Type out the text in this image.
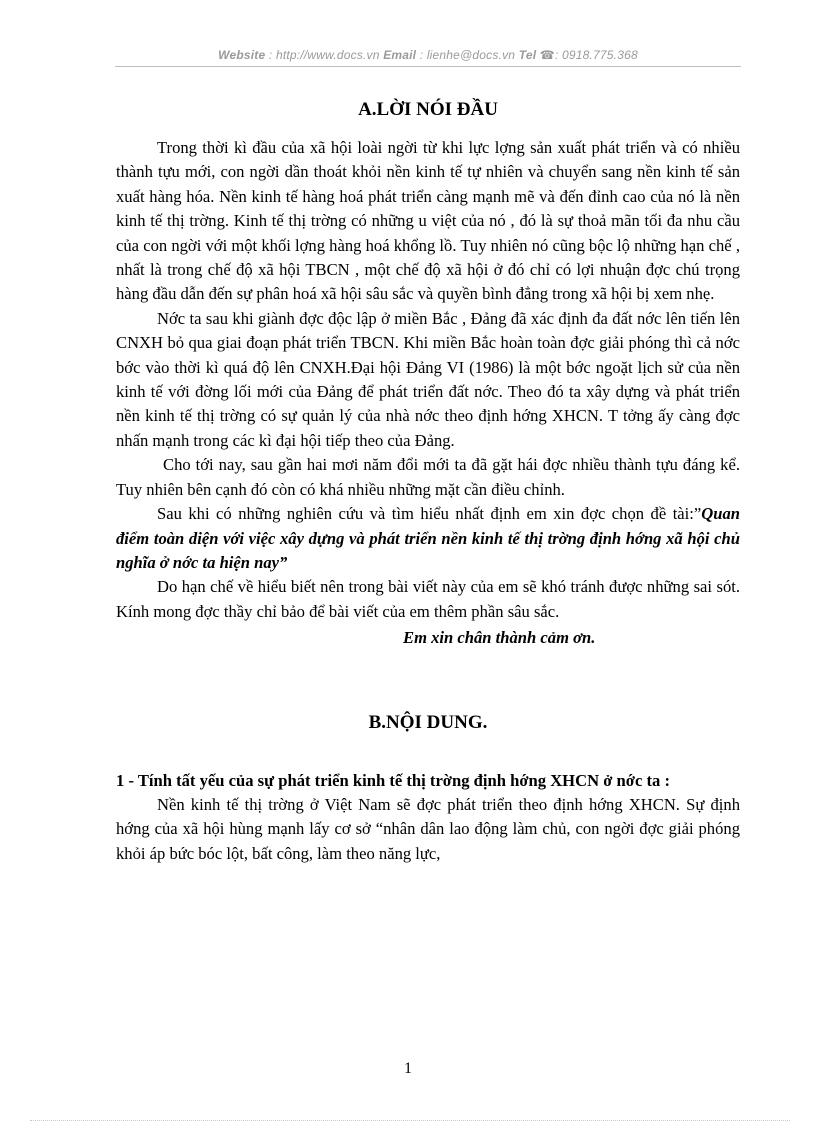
Website : http://www.docs.vn Email : lienhe@docs.vn Tel ☎: 0918.775.368

A.LỜI NÓI ĐẦU

Trong thời kì đầu của xã hội loài ngời từ khi lực lợng sản xuất phát triển và có nhiều thành tựu mới, con ngời dần thoát khỏi nền kinh tế tự nhiên và chuyển sang nền kinh tế sản xuất hàng hóa. Nền kinh tế hàng hoá phát triển càng mạnh mẽ và đến đỉnh cao của nó là nền kinh tế thị trờng. Kinh tế thị trờng có những u việt của nó , đó là sự thoả mãn tối đa nhu cầu của con ngời với một khối lợng hàng hoá khổng lồ. Tuy nhiên nó cũng bộc lộ những hạn chế , nhất là trong chế độ xã hội TBCN , một chế độ xã hội ở đó chỉ có lợi nhuận đợc chú trọng hàng đầu dẫn đến sự phân hoá xã hội sâu sắc và quyền bình đẳng trong xã hội bị xem nhẹ.

Nớc ta sau khi giành đợc độc lập ở miền Bắc , Đảng đã xác định đa đất nớc lên tiến lên CNXH bỏ qua giai đoạn phát triển TBCN. Khi miền Bắc hoàn toàn đợc giải phóng thì cả nớc bớc vào thời kì quá độ lên CNXH.Đại hội Đảng VI (1986) là một bớc ngoặt lịch sử của nền kinh tế với đờng lối mới của Đảng để phát triển đất nớc. Theo đó ta xây dựng và phát triển nền kinh tế thị trờng có sự quản lý của nhà nớc theo định hớng XHCN. T tởng ấy càng đợc nhấn mạnh trong các kì đại hội tiếp theo của Đảng.

Cho tới nay, sau gần hai mơi năm đổi mới ta đã gặt hái đợc nhiều thành tựu đáng kể. Tuy nhiên bên cạnh đó còn có khá nhiều những mặt cần điều chỉnh.

Sau khi có những nghiên cứu và tìm hiểu nhất định em xin đợc chọn đề tài:”Quan điểm toàn diện với việc xây dựng và phát triển nền kinh tế thị trờng định hớng xã hội chủ nghĩa ở nớc ta hiện nay”

Do hạn chế về hiểu biết nên trong bài viết này của em sẽ khó tránh được những sai sót. Kính mong đợc thầy chỉ bảo để bài viết của em thêm phần sâu sắc.

Em xin chân thành cảm ơn.

B.NỘI DUNG.

1 - Tính tất yếu của sự phát triển kinh tế thị trờng định hớng XHCN ở nớc ta :

Nền kinh tế thị trờng ở Việt Nam sẽ đợc phát triển theo định hớng XHCN. Sự định hớng của xã hội hùng mạnh lấy cơ sở “nhân dân lao động làm chủ, con ngời đợc giải phóng khỏi áp bức bóc lột, bất công, làm theo năng lực,

1
